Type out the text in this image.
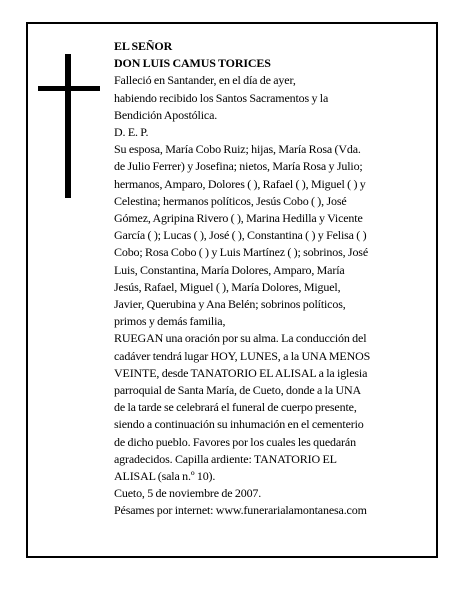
EL SEÑOR
DON LUIS CAMUS TORICES
Falleció en Santander, en el día de ayer,
habiendo recibido los Santos Sacramentos y la
Bendición Apostólica.
D. E. P.
Su esposa, María Cobo Ruiz; hijas, María Rosa (Vda.
de Julio Ferrer) y Josefina; nietos, María Rosa y Julio;
hermanos, Amparo, Dolores ( ), Rafael ( ), Miguel ( ) y
Celestina; hermanos políticos, Jesús Cobo ( ), José
Gómez, Agripina Rivero ( ), Marina Hedilla y Vicente
García ( ); Lucas ( ), José ( ), Constantina ( ) y Felisa ( )
Cobo; Rosa Cobo ( ) y Luis Martínez ( ); sobrinos, José
Luis, Constantina, María Dolores, Amparo, María
Jesús, Rafael, Miguel ( ), María Dolores, Miguel,
Javier, Querubina y Ana Belén; sobrinos políticos,
primos y demás familia,
RUEGAN una oración por su alma. La conducción del
cadáver tendrá lugar HOY, LUNES, a la UNA MENOS
VEINTE, desde TANATORIO EL ALISAL a la iglesia
parroquial de Santa María, de Cueto, donde a la UNA
de la tarde se celebrará el funeral de cuerpo presente,
siendo a continuación su inhumación en el cementerio
de dicho pueblo. Favores por los cuales les quedarán
agradecidos. Capilla ardiente: TANATORIO EL
ALISAL (sala n.º 10).
Cueto, 5 de noviembre de 2007.
Pésames por internet: www.funerarialamontanesa.com
